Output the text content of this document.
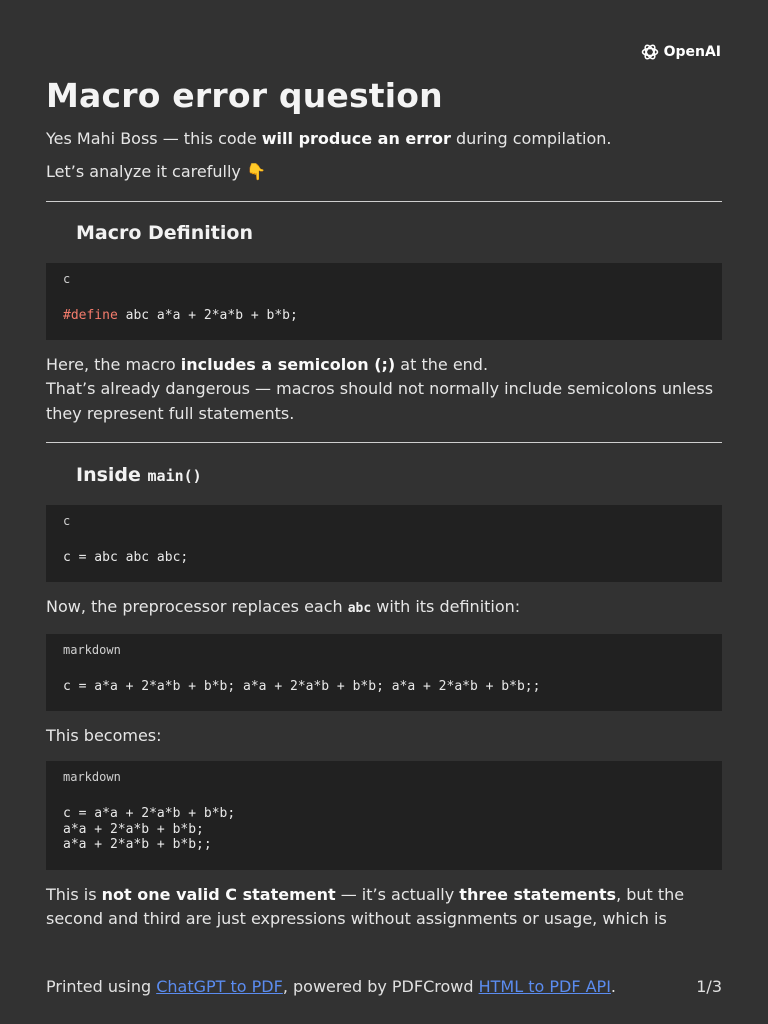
OpenAI
Macro error question

Yes Mahi Boss — this code will produce an error during compilation.

Let’s analyze it carefully 👇

Macro Definition
c
#define abc a*a + 2*a*b + b*b;

Here, the macro includes a semicolon (;) at the end.
That’s already dangerous — macros should not normally include semicolons unless they represent full statements.

Inside main()
c
c = abc abc abc;

Now, the preprocessor replaces each abc with its definition:

markdown
c = a*a + 2*a*b + b*b; a*a + 2*a*b + b*b; a*a + 2*a*b + b*b;;

This becomes:

markdown
c = a*a + 2*a*b + b*b;
a*a + 2*a*b + b*b;
a*a + 2*a*b + b*b;;

This is not one valid C statement — it’s actually three statements, but the second and third are just expressions without assignments or usage, which is

Printed using ChatGPT to PDF, powered by PDFCrowd HTML to PDF API.	1/3
